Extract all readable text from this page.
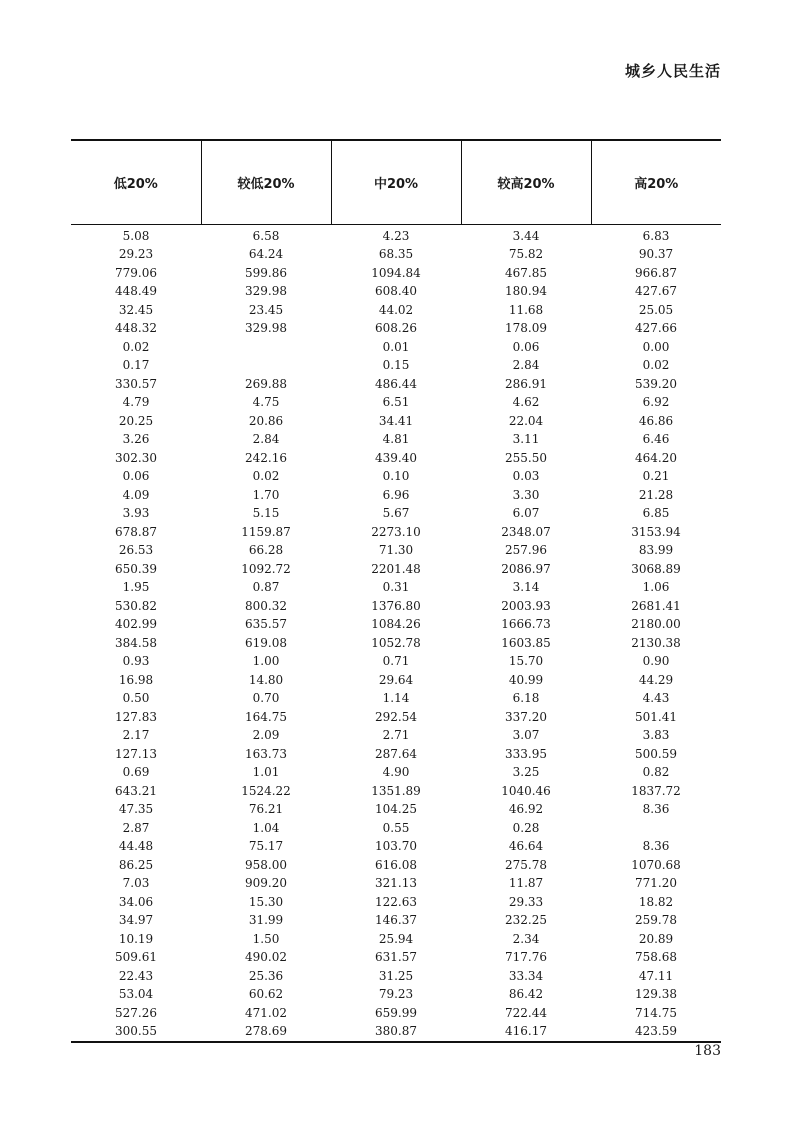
城乡人民生活
低20%	较低20%	中20%	较高20%	高20%
5.08	6.58	4.23	3.44	6.83
29.23	64.24	68.35	75.82	90.37
779.06	599.86	1094.84	467.85	966.87
448.49	329.98	608.40	180.94	427.67
32.45	23.45	44.02	11.68	25.05
448.32	329.98	608.26	178.09	427.66
0.02		0.01	0.06	0.00
0.17		0.15	2.84	0.02
330.57	269.88	486.44	286.91	539.20
4.79	4.75	6.51	4.62	6.92
20.25	20.86	34.41	22.04	46.86
3.26	2.84	4.81	3.11	6.46
302.30	242.16	439.40	255.50	464.20
0.06	0.02	0.10	0.03	0.21
4.09	1.70	6.96	3.30	21.28
3.93	5.15	5.67	6.07	6.85
678.87	1159.87	2273.10	2348.07	3153.94
26.53	66.28	71.30	257.96	83.99
650.39	1092.72	2201.48	2086.97	3068.89
1.95	0.87	0.31	3.14	1.06
530.82	800.32	1376.80	2003.93	2681.41
402.99	635.57	1084.26	1666.73	2180.00
384.58	619.08	1052.78	1603.85	2130.38
0.93	1.00	0.71	15.70	0.90
16.98	14.80	29.64	40.99	44.29
0.50	0.70	1.14	6.18	4.43
127.83	164.75	292.54	337.20	501.41
2.17	2.09	2.71	3.07	3.83
127.13	163.73	287.64	333.95	500.59
0.69	1.01	4.90	3.25	0.82
643.21	1524.22	1351.89	1040.46	1837.72
47.35	76.21	104.25	46.92	8.36
2.87	1.04	0.55	0.28	
44.48	75.17	103.70	46.64	8.36
86.25	958.00	616.08	275.78	1070.68
7.03	909.20	321.13	11.87	771.20
34.06	15.30	122.63	29.33	18.82
34.97	31.99	146.37	232.25	259.78
10.19	1.50	25.94	2.34	20.89
509.61	490.02	631.57	717.76	758.68
22.43	25.36	31.25	33.34	47.11
53.04	60.62	79.23	86.42	129.38
527.26	471.02	659.99	722.44	714.75
300.55	278.69	380.87	416.17	423.59
183
